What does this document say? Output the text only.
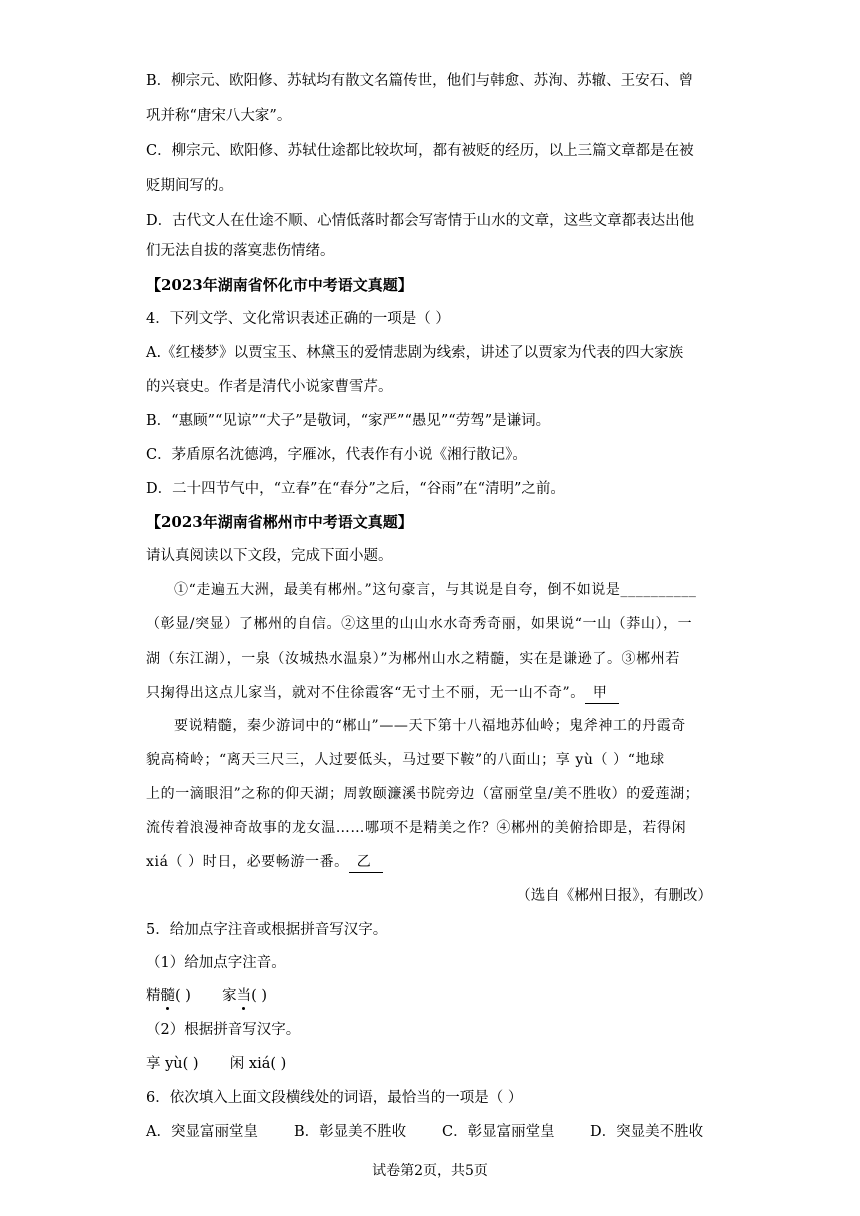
B．柳宗元、欧阳修、苏轼均有散文名篇传世，他们与韩愈、苏洵、苏辙、王安石、曾
巩并称“唐宋八大家”。
C．柳宗元、欧阳修、苏轼仕途都比较坎坷，都有被贬的经历，以上三篇文章都是在被
贬期间写的。
D．古代文人在仕途不顺、心情低落时都会写寄情于山水的文章，这些文章都表达出他
们无法自拔的落寞悲伤情绪。
【2023年湖南省怀化市中考语文真题】
4．下列文学、文化常识表述正确的一项是（ ）
A.《红楼梦》以贾宝玉、林黛玉的爱情悲剧为线索，讲述了以贾家为代表的四大家族
的兴衰史。作者是清代小说家曹雪芹。
B．“惠顾”“见谅”“犬子”是敬词，“家严”“愚见”“劳驾”是谦词。
C．茅盾原名沈德鸿，字雁冰，代表作有小说《湘行散记》。
D．二十四节气中，“立春”在“春分”之后，“谷雨”在“清明”之前。
【2023年湖南省郴州市中考语文真题】
请认真阅读以下文段，完成下面小题。
①“走遍五大洲，最美有郴州。”这句豪言，与其说是自夸，倒不如说是__________
（彰显/突显）了郴州的自信。②这里的山山水水奇秀奇丽，如果说“一山（莽山），一
湖（东江湖），一泉（汝城热水温泉）”为郴州山水之精髓，实在是谦逊了。③郴州若
只掬得出这点儿家当，就对不住徐霞客“无寸土不丽，无一山不奇”。 甲
要说精髓，秦少游词中的“郴山”——天下第十八福地苏仙岭；鬼斧神工的丹霞奇
貌高椅岭；“离天三尺三，人过要低头，马过要下鞍”的八面山；享 yù（ ）“地球
上的一滴眼泪”之称的仰天湖；周敦颐濂溪书院旁边（富丽堂皇/美不胜收）的爱莲湖；
流传着浪漫神奇故事的龙女温……哪项不是精美之作？④郴州的美俯拾即是，若得闲
xiá（ ）时日，必要畅游一番。 乙
（选自《郴州日报》，有删改）
5．给加点字注音或根据拼音写汉字。
（1）给加点字注音。
精髓( ) 家当( )
（2）根据拼音写汉字。
享 yù( ) 闲 xiá( )
6．依次填入上面文段横线处的词语，最恰当的一项是（ ）
A．突显富丽堂皇 B．彰显美不胜收 C．彰显富丽堂皇 D．突显美不胜收
试卷第2页，共5页
